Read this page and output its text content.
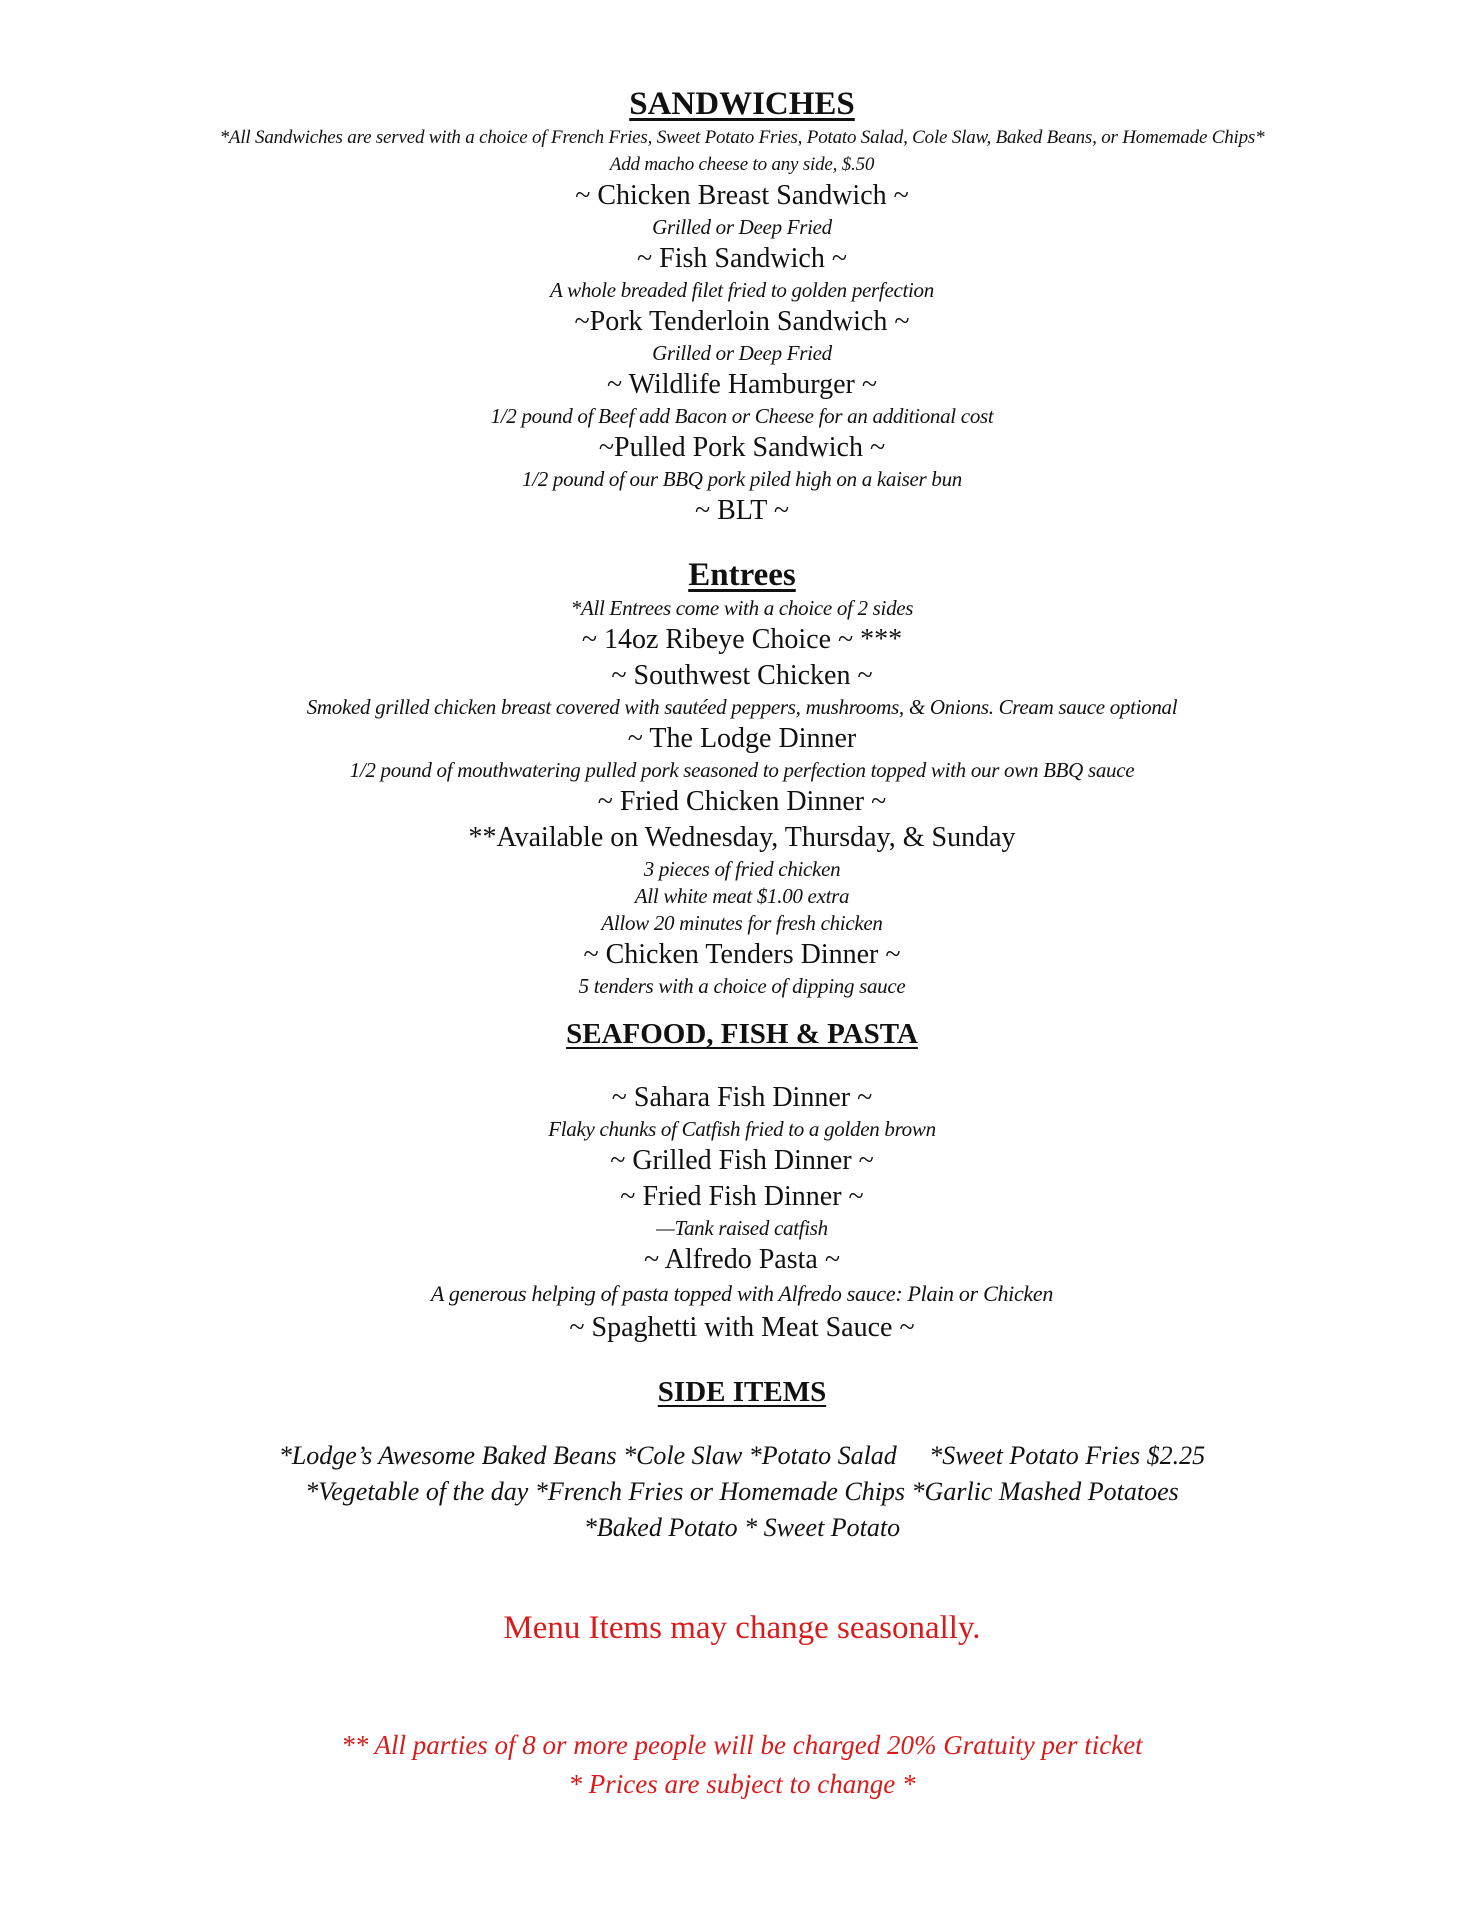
SANDWICHES

*All Sandwiches are served with a choice of French Fries, Sweet Potato Fries, Potato Salad, Cole Slaw, Baked Beans, or Homemade Chips*

Add macho cheese to any side, $.50

~ Chicken Breast Sandwich ~
Grilled or Deep Fried
~ Fish Sandwich ~
A whole breaded filet fried to golden perfection
~Pork Tenderloin Sandwich ~
Grilled or Deep Fried
~ Wildlife Hamburger ~
1/2 pound of Beef add Bacon or Cheese for an additional cost
~Pulled Pork Sandwich ~
1/2 pound of our BBQ pork piled high on a kaiser bun
~ BLT ~
Entrees

*All Entrees come with a choice of 2 sides

~ 14oz Ribeye Choice ~ ***
~ Southwest Chicken ~
Smoked grilled chicken breast covered with sautéed peppers, mushrooms, & Onions. Cream sauce optional
~ The Lodge Dinner
1/2 pound of mouthwatering pulled pork seasoned to perfection topped with our own BBQ sauce
~ Fried Chicken Dinner ~
**Available on Wednesday, Thursday, & Sunday
3 pieces of fried chicken
All white meat $1.00 extra
Allow 20 minutes for fresh chicken
~ Chicken Tenders Dinner ~
5 tenders with a choice of dipping sauce
SEAFOOD, FISH & PASTA
~ Sahara Fish Dinner ~
Flaky chunks of Catfish fried to a golden brown
~ Grilled Fish Dinner ~
~ Fried Fish Dinner ~
—Tank raised catfish
~ Alfredo Pasta ~
A generous helping of pasta topped with Alfredo sauce: Plain or Chicken
~ Spaghetti with Meat Sauce ~
SIDE ITEMS
*Lodge’s Awesome Baked Beans *Cole Slaw *Potato Salad     *Sweet Potato Fries $2.25
*Vegetable of the day *French Fries or Homemade Chips *Garlic Mashed Potatoes
*Baked Potato * Sweet Potato
Menu Items may change seasonally.
** All parties of 8 or more people will be charged 20% Gratuity per ticket
* Prices are subject to change *
